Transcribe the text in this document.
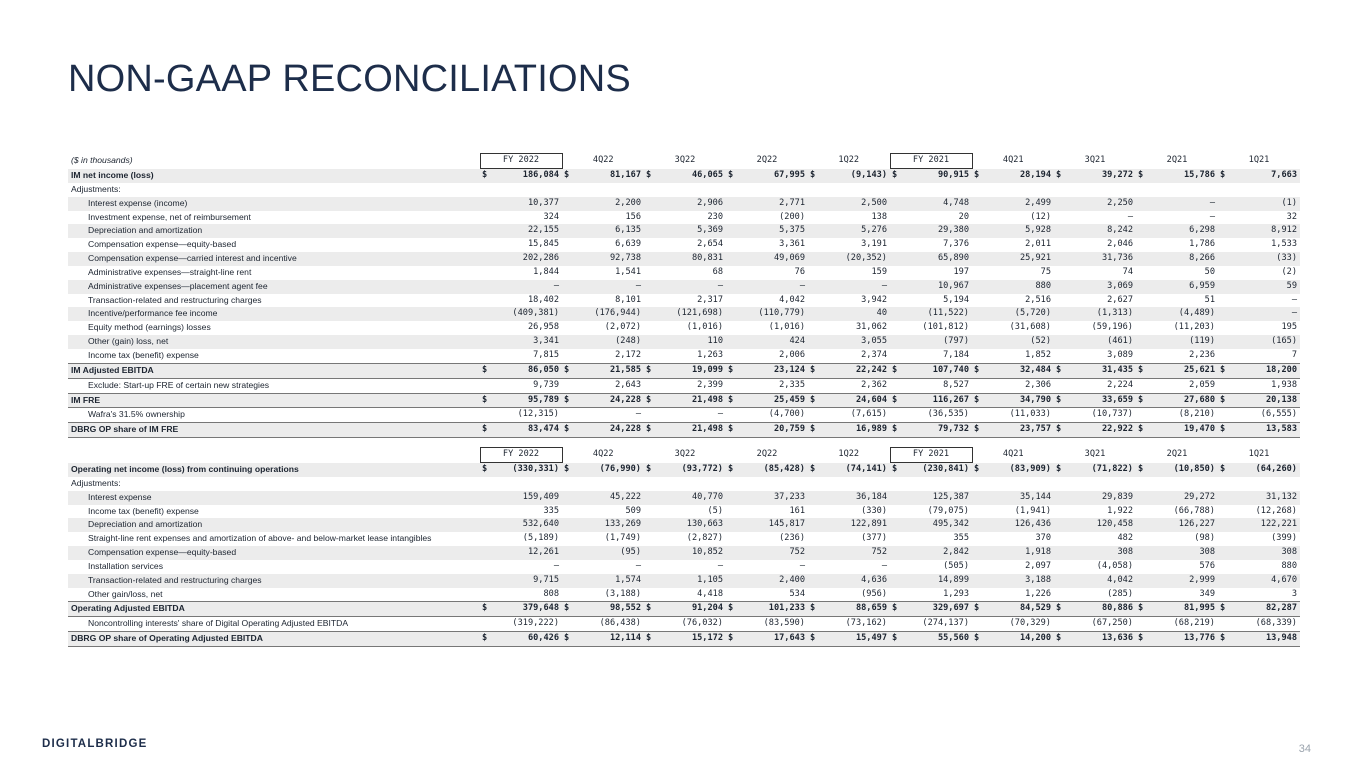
NON-GAAP RECONCILIATIONS
($ in thousands)	FY 2022	4Q22	3Q22	2Q22	1Q22	FY 2021	4Q21	3Q21	2Q21	1Q21
IM net income (loss)	$ 186,084	$ 81,167	$ 46,065	$ 67,995	$ (9,143)	$ 90,915	$ 28,194	$ 39,272	$ 15,786	$ 7,663
Adjustments:										
Interest expense (income)	10,377	2,200	2,906	2,771	2,500	4,748	2,499	2,250	–	(1)
Investment expense, net of reimbursement	324	156	230	(200)	138	20	(12)	–	–	32
Depreciation and amortization	22,155	6,135	5,369	5,375	5,276	29,380	5,928	8,242	6,298	8,912
Compensation expense—equity-based	15,845	6,639	2,654	3,361	3,191	7,376	2,011	2,046	1,786	1,533
Compensation expense—carried interest and incentive	202,286	92,738	80,831	49,069	(20,352)	65,890	25,921	31,736	8,266	(33)
Administrative expenses—straight-line rent	1,844	1,541	68	76	159	197	75	74	50	(2)
Administrative expenses—placement agent fee	–	–	–	–	–	10,967	880	3,069	6,959	59
Transaction-related and restructuring charges	18,402	8,101	2,317	4,042	3,942	5,194	2,516	2,627	51	–
Incentive/performance fee income	(409,381)	(176,944)	(121,698)	(110,779)	40	(11,522)	(5,720)	(1,313)	(4,489)	–
Equity method (earnings) losses	26,958	(2,072)	(1,016)	(1,016)	31,062	(101,812)	(31,608)	(59,196)	(11,203)	195
Other (gain) loss, net	3,341	(248)	110	424	3,055	(797)	(52)	(461)	(119)	(165)
Income tax (benefit) expense	7,815	2,172	1,263	2,006	2,374	7,184	1,852	3,089	2,236	7
IM Adjusted EBITDA	$ 86,050	$ 21,585	$ 19,099	$ 23,124	$ 22,242	$ 107,740	$ 32,484	$ 31,435	$ 25,621	$ 18,200
Exclude: Start-up FRE of certain new strategies	9,739	2,643	2,399	2,335	2,362	8,527	2,306	2,224	2,059	1,938
IM FRE	$ 95,789	$ 24,228	$ 21,498	$ 25,459	$ 24,604	$ 116,267	$ 34,790	$ 33,659	$ 27,680	$ 20,138
Wafra's 31.5% ownership	(12,315)	–	–	(4,700)	(7,615)	(36,535)	(11,033)	(10,737)	(8,210)	(6,555)
DBRG OP share of IM FRE	$ 83,474	$ 24,228	$ 21,498	$ 20,759	$ 16,989	$ 79,732	$ 23,757	$ 22,922	$ 19,470	$ 13,583
	FY 2022	4Q22	3Q22	2Q22	1Q22	FY 2021	4Q21	3Q21	2Q21	1Q21
Operating net income (loss) from continuing operations	$ (330,331)	$ (76,990)	$ (93,772)	$ (85,428)	$ (74,141)	$ (230,841)	$ (83,909)	$ (71,822)	$ (10,850)	$ (64,260)
Adjustments:										
Interest expense	159,409	45,222	40,770	37,233	36,184	125,387	35,144	29,839	29,272	31,132
Income tax (benefit) expense	335	509	(5)	161	(330)	(79,075)	(1,941)	1,922	(66,788)	(12,268)
Depreciation and amortization	532,640	133,269	130,663	145,817	122,891	495,342	126,436	120,458	126,227	122,221
Straight-line rent expenses and amortization of above- and below-market lease intangibles	(5,189)	(1,749)	(2,827)	(236)	(377)	355	370	482	(98)	(399)
Compensation expense—equity-based	12,261	(95)	10,852	752	752	2,842	1,918	308	308	308
Installation services	–	–	–	–	–	(505)	2,097	(4,058)	576	880
Transaction-related and restructuring charges	9,715	1,574	1,105	2,400	4,636	14,899	3,188	4,042	2,999	4,670
Other gain/loss, net	808	(3,188)	4,418	534	(956)	1,293	1,226	(285)	349	3
Operating Adjusted EBITDA	$ 379,648	$ 98,552	$ 91,204	$ 101,233	$ 88,659	$ 329,697	$ 84,529	$ 80,886	$ 81,995	$ 82,287
Noncontrolling interests' share of Digital Operating Adjusted EBITDA	(319,222)	(86,438)	(76,032)	(83,590)	(73,162)	(274,137)	(70,329)	(67,250)	(68,219)	(68,339)
DBRG OP share of Operating Adjusted EBITDA	$ 60,426	$ 12,114	$ 15,172	$ 17,643	$ 15,497	$ 55,560	$ 14,200	$ 13,636	$ 13,776	$ 13,948
DIGITALBRIDGE	34
